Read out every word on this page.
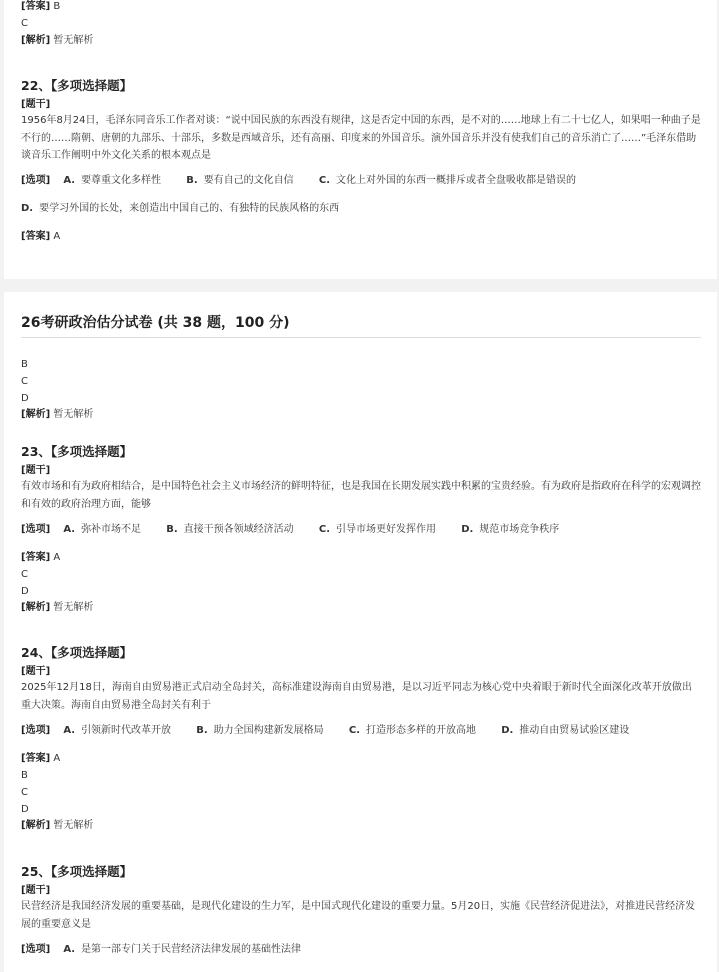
[答案] B
C
[解析] 暂无解析
22、【多项选择题】
[题干]
1956年8月24日，毛泽东同音乐工作者对谈：“说中国民族的东西没有规律，这是否定中国的东西，是不对的……地球上有二十七亿人，如果唱一种曲子是不行的……隋朝、唐朝的九部乐、十部乐，多数是西域音乐，还有高丽、印度来的外国音乐。演外国音乐并没有使我们自己的音乐消亡了……”毛泽东借助谈音乐工作阐明中外文化关系的根本观点是
[选项] A. 要尊重文化多样性	B. 要有自己的文化自信	C. 文化上对外国的东西一概排斥或者全盘吸收都是错误的
D. 要学习外国的长处，来创造出中国自己的、有独特的民族风格的东西
[答案] A
26考研政治估分试卷 (共 38 题，100 分)
B
C
D
[解析] 暂无解析
23、【多项选择题】
[题干]
有效市场和有为政府相结合，是中国特色社会主义市场经济的鲜明特征，也是我国在长期发展实践中积累的宝贵经验。有为政府是指政府在科学的宏观调控和有效的政府治理方面，能够
[选项] A. 弥补市场不足	B. 直接干预各领域经济活动	C. 引导市场更好发挥作用	D. 规范市场竞争秩序
[答案] A
C
D
[解析] 暂无解析
24、【多项选择题】
[题干]
2025年12月18日，海南自由贸易港正式启动全岛封关，高标准建设海南自由贸易港，是以习近平同志为核心党中央着眼于新时代全面深化改革开放做出重大决策。海南自由贸易港全岛封关有利于
[选项] A. 引领新时代改革开放	B. 助力全国构建新发展格局	C. 打造形态多样的开放高地	D. 推动自由贸易试验区建设
[答案] A
B
C
D
[解析] 暂无解析
25、【多项选择题】
[题干]
民营经济是我国经济发展的重要基础，是现代化建设的生力军，是中国式现代化建设的重要力量。5月20日，实施《民营经济促进法》，对推进民营经济发展的重要意义是
[选项] A. 是第一部专门关于民营经济法律发展的基础性法律
